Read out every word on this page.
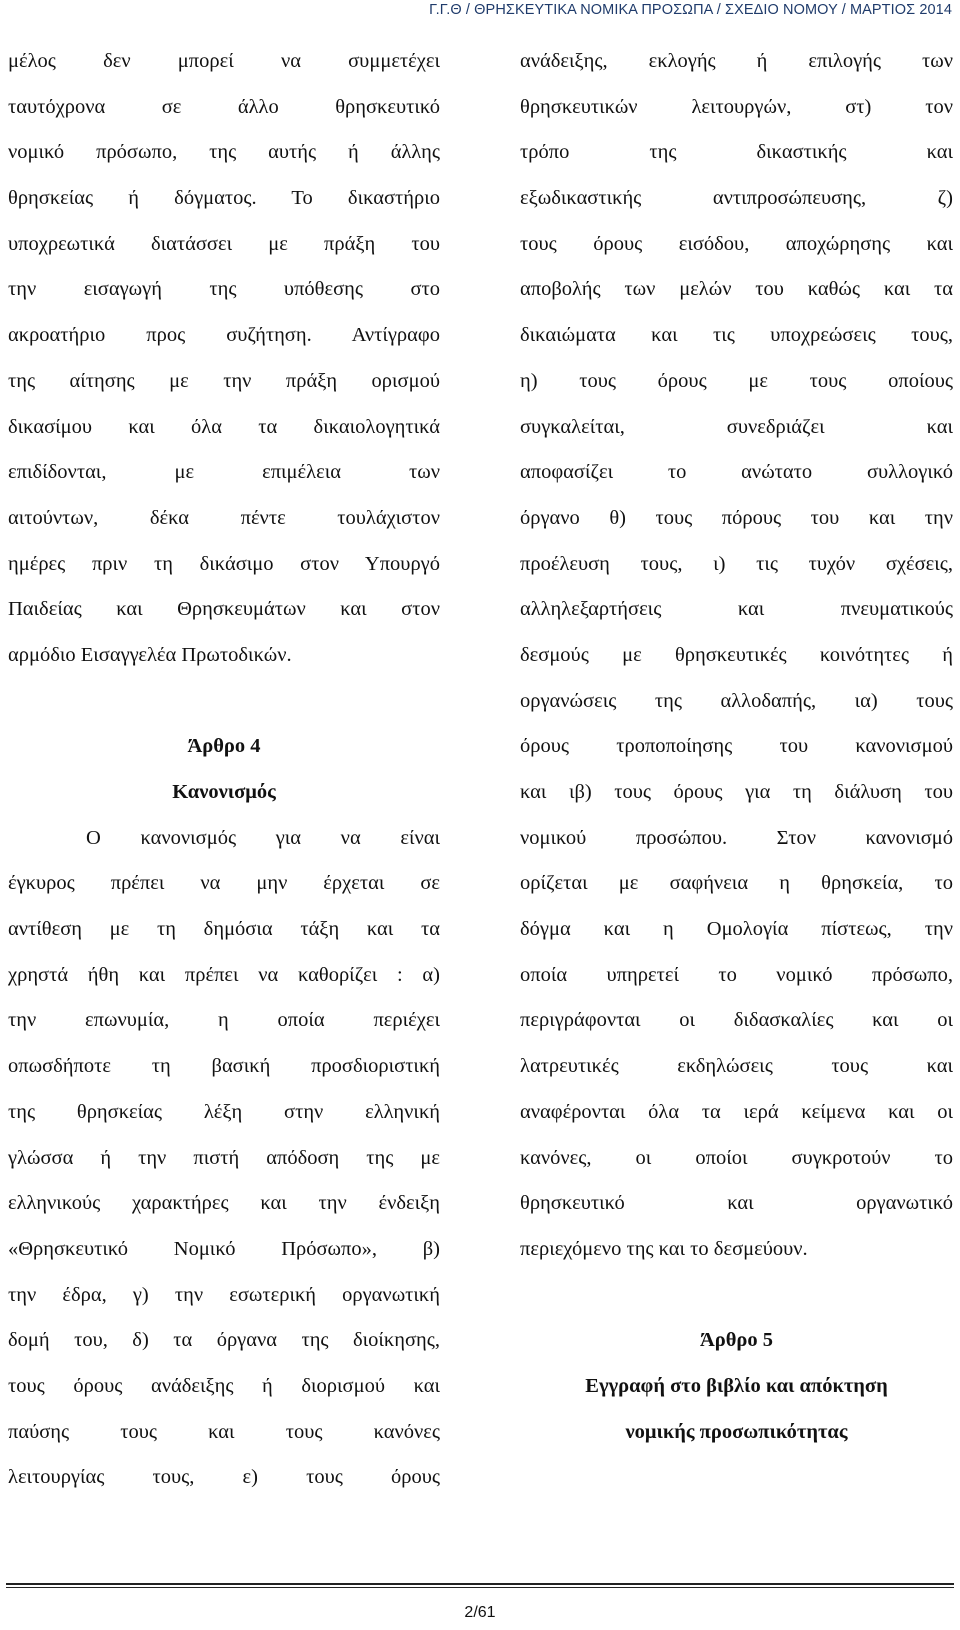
Γ.Γ.Θ / ΘΡΗΣΚΕΥΤΙΚΑ ΝΟΜΙΚΑ ΠΡΟΣΩΠΑ / ΣΧΕΔΙΟ ΝΟΜΟΥ / ΜΑΡΤΙΟΣ 2014
μέλος δεν μπορεί να συμμετέχει
ταυτόχρονα σε άλλο θρησκευτικό
νομικό πρόσωπο, της αυτής ή άλλης
θρησκείας ή δόγματος. Το δικαστήριο
υποχρεωτικά διατάσσει με πράξη του
την εισαγωγή της υπόθεσης στο
ακροατήριο προς συζήτηση. Αντίγραφο
της αίτησης με την πράξη ορισμού
δικασίμου και όλα τα δικαιολογητικά
επιδίδονται, με επιμέλεια των
αιτούντων, δέκα πέντε τουλάχιστον
ημέρες πριν τη δικάσιμο στον Υπουργό
Παιδείας και Θρησκευμάτων και στον
αρμόδιο Εισαγγελέα Πρωτοδικών.
Άρθρο 4
Κανονισμός
Ο κανονισμός για να είναι
έγκυρος πρέπει να μην έρχεται σε
αντίθεση με τη δημόσια τάξη και τα
χρηστά ήθη και πρέπει να καθορίζει : α)
την επωνυμία, η οποία περιέχει
οπωσδήποτε τη βασική προσδιοριστική
της θρησκείας λέξη στην ελληνική
γλώσσα ή την πιστή απόδοση της με
ελληνικούς χαρακτήρες και την ένδειξη
«Θρησκευτικό Νομικό Πρόσωπο», β)
την έδρα, γ) την εσωτερική οργανωτική
δομή του, δ) τα όργανα της διοίκησης,
τους όρους ανάδειξης ή διορισμού και
παύσης τους και τους κανόνες
λειτουργίας τους, ε) τους όρους
ανάδειξης, εκλογής ή επιλογής των
θρησκευτικών λειτουργών, στ) τον
τρόπο της δικαστικής και
εξωδικαστικής αντιπροσώπευσης, ζ)
τους όρους εισόδου, αποχώρησης και
αποβολής των μελών του καθώς και τα
δικαιώματα και τις υποχρεώσεις τους,
η) τους όρους με τους οποίους
συγκαλείται, συνεδριάζει και
αποφασίζει το ανώτατο συλλογικό
όργανο θ) τους πόρους του και την
προέλευση τους, ι) τις τυχόν σχέσεις,
αλληλεξαρτήσεις και πνευματικούς
δεσμούς με θρησκευτικές κοινότητες ή
οργανώσεις της αλλοδαπής, ια) τους
όρους τροποποίησης του κανονισμού
και ιβ) τους όρους για τη διάλυση του
νομικού προσώπου. Στον κανονισμό
ορίζεται με σαφήνεια η θρησκεία, το
δόγμα και η Ομολογία πίστεως, την
οποία υπηρετεί το νομικό πρόσωπο,
περιγράφονται οι διδασκαλίες και οι
λατρευτικές εκδηλώσεις τους και
αναφέρονται όλα τα ιερά κείμενα και οι
κανόνες, οι οποίοι συγκροτούν το
θρησκευτικό και οργανωτικό
περιεχόμενο της και το δεσμεύουν.
Άρθρο 5
Εγγραφή στο βιβλίο και απόκτηση
νομικής προσωπικότητας
2/61
